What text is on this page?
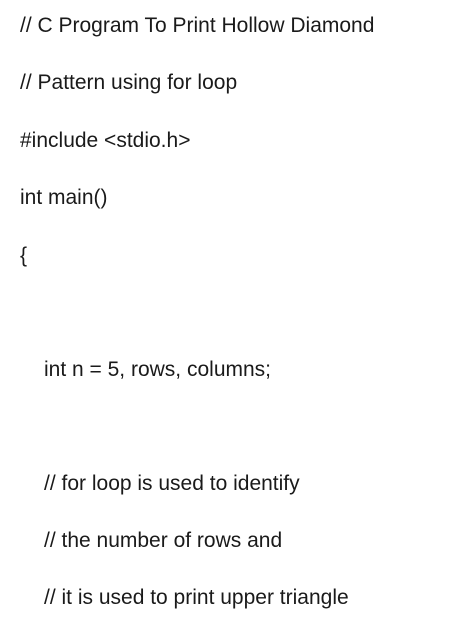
// C Program To Print Hollow Diamond

// Pattern using for loop

#include <stdio.h>

int main()

{

int n = 5, rows, columns;

// for loop is used to identify

// the number of rows and

// it is used to print upper triangle
